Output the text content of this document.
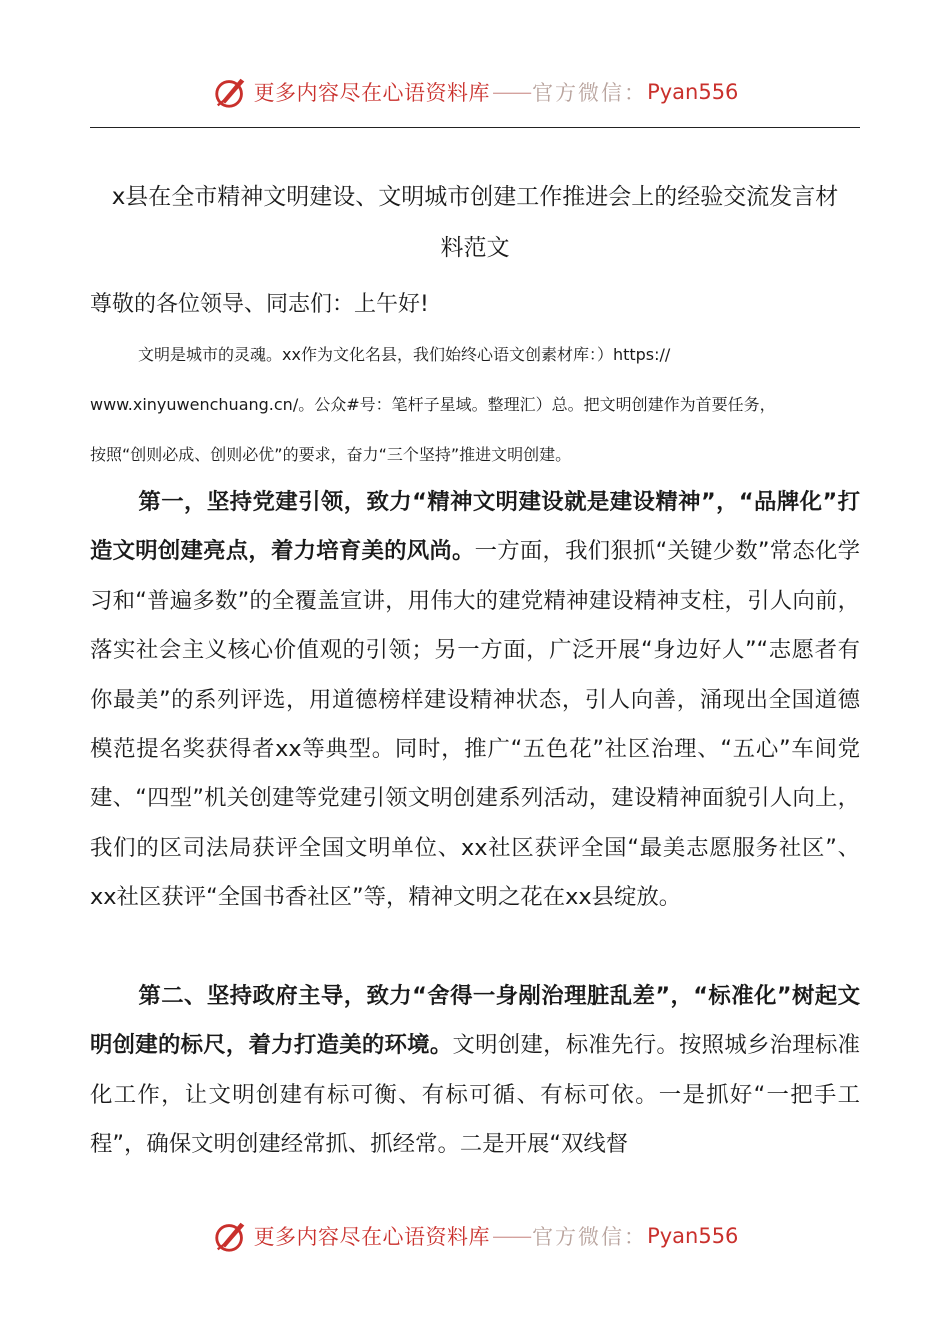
更多内容尽在心语资料库 —— 官方微信： Pyan556
x县在全市精神文明建设、文明城市创建工作推进会上的经验交流发言材
料范文
尊敬的各位领导、同志们：上午好!
文明是城市的灵魂。xx作为文化名县，我们始终心语文创素材库：）https://
www.xinyuwenchuang.cn/。公众#号：笔杆子星域。整理汇）总。把文明创建作为首要任务，
按照“创则必成、创则必优”的要求，奋力“三个坚持”推进文明创建。
第一，坚持党建引领，致力“精神文明建设就是建设精神”，“品牌化”打造文明创建亮点，着力培育美的风尚。一方面，我们狠抓“关键少数”常态化学习和“普遍多数”的全覆盖宣讲，用伟大的建党精神建设精神支柱，引人向前，落实社会主义核心价值观的引领；另一方面，广泛开展“身边好人”“志愿者有你最美”的系列评选，用道德榜样建设精神状态，引人向善，涌现出全国道德模范提名奖获得者xx等典型。同时，推广“五色花”社区治理、“五心”车间党建、“四型”机关创建等党建引领文明创建系列活动，建设精神面貌引人向上，我们的区司法局获评全国文明单位、xx社区获评全国“最美志愿服务社区”、xx社区获评“全国书香社区”等，精神文明之花在xx县绽放。
第二、坚持政府主导，致力“舍得一身剐治理脏乱差”，“标准化”树起文明创建的标尺，着力打造美的环境。文明创建，标准先行。按照城乡治理标准化工作，让文明创建有标可衡、有标可循、有标可依。一是抓好“一把手工程”，确保文明创建经常抓、抓经常。二是开展“双线督
更多内容尽在心语资料库 —— 官方微信： Pyan556
